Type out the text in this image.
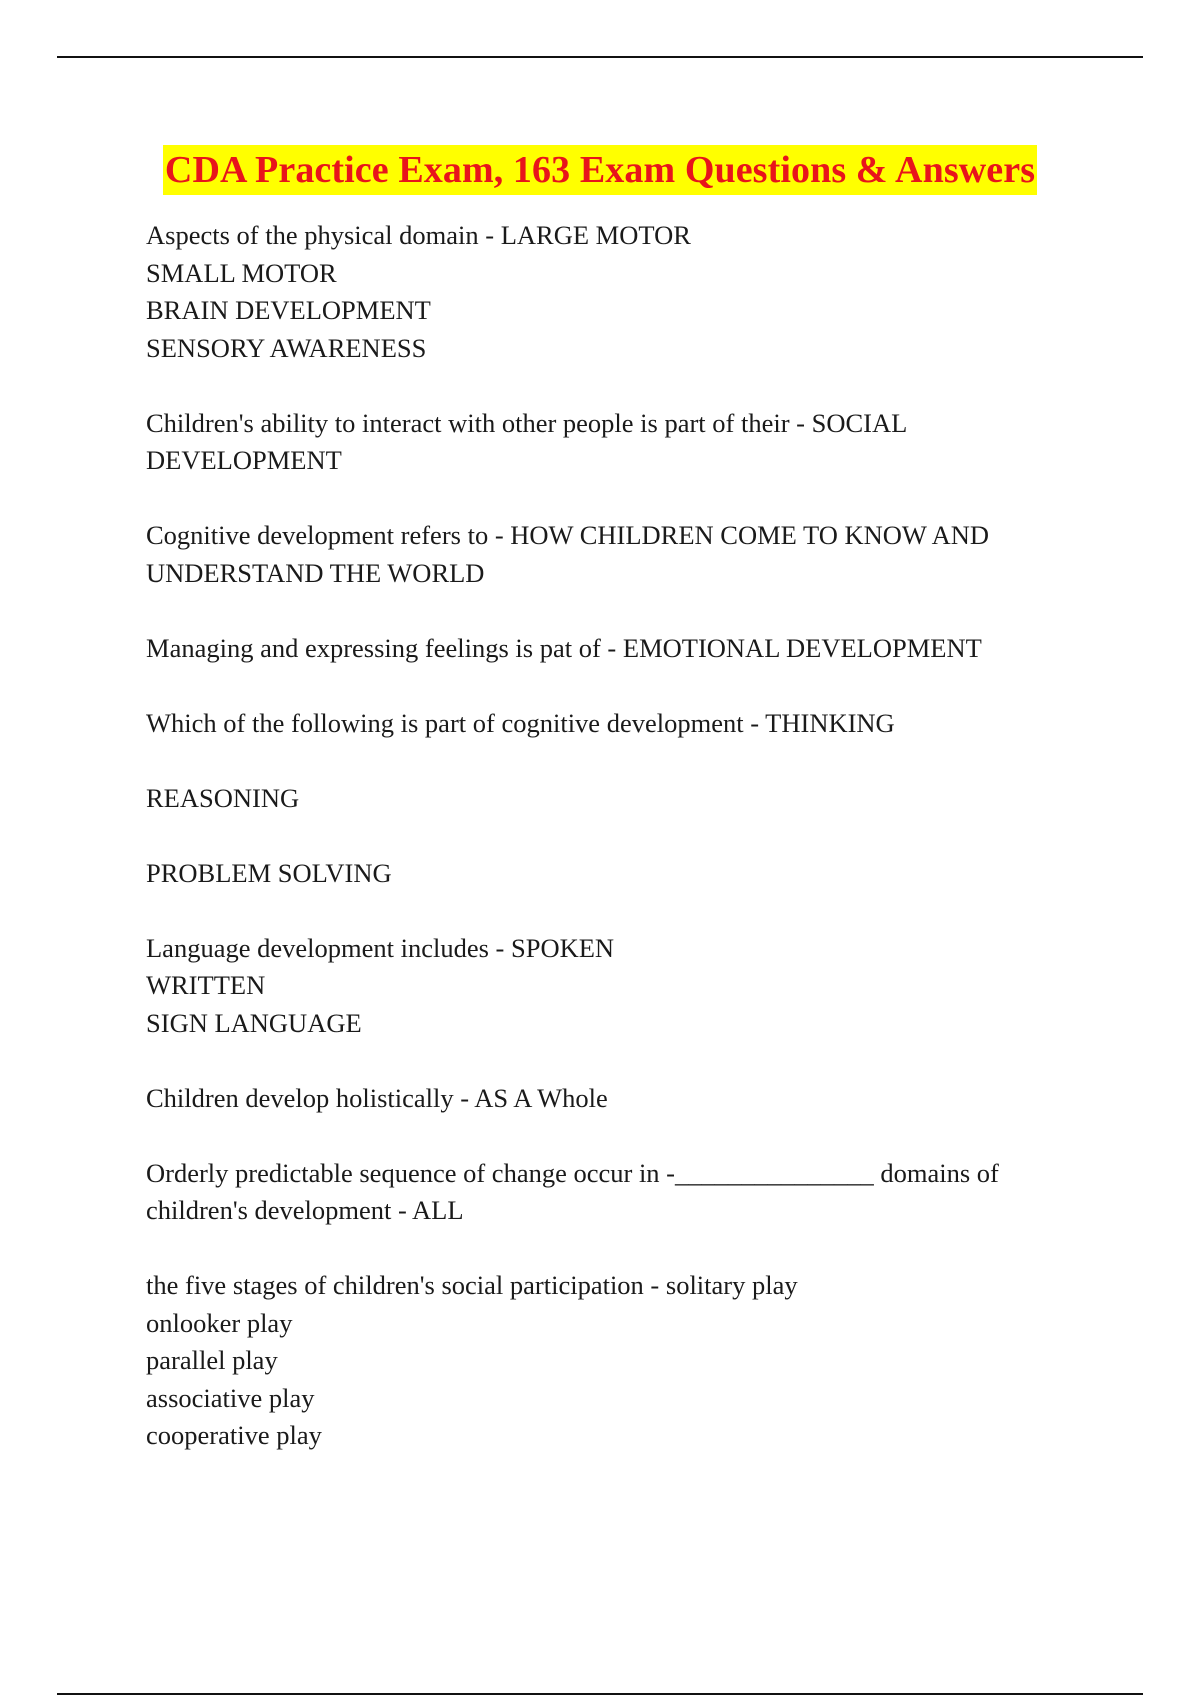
CDA Practice Exam, 163 Exam Questions & Answers
Aspects of the physical domain - LARGE MOTOR
SMALL MOTOR
BRAIN DEVELOPMENT
SENSORY AWARENESS
Children's ability to interact with other people is part of their - SOCIAL
DEVELOPMENT
Cognitive development refers to - HOW CHILDREN COME TO KNOW AND
UNDERSTAND THE WORLD
Managing and expressing feelings is pat of - EMOTIONAL DEVELOPMENT
Which of the following is part of cognitive development - THINKING
REASONING
PROBLEM SOLVING
Language development includes - SPOKEN
WRITTEN
SIGN LANGUAGE
Children develop holistically - AS A Whole
Orderly predictable sequence of change occur in -_______________ domains of
children's development - ALL
the five stages of children's social participation - solitary play
onlooker play
parallel play
associative play
cooperative play
